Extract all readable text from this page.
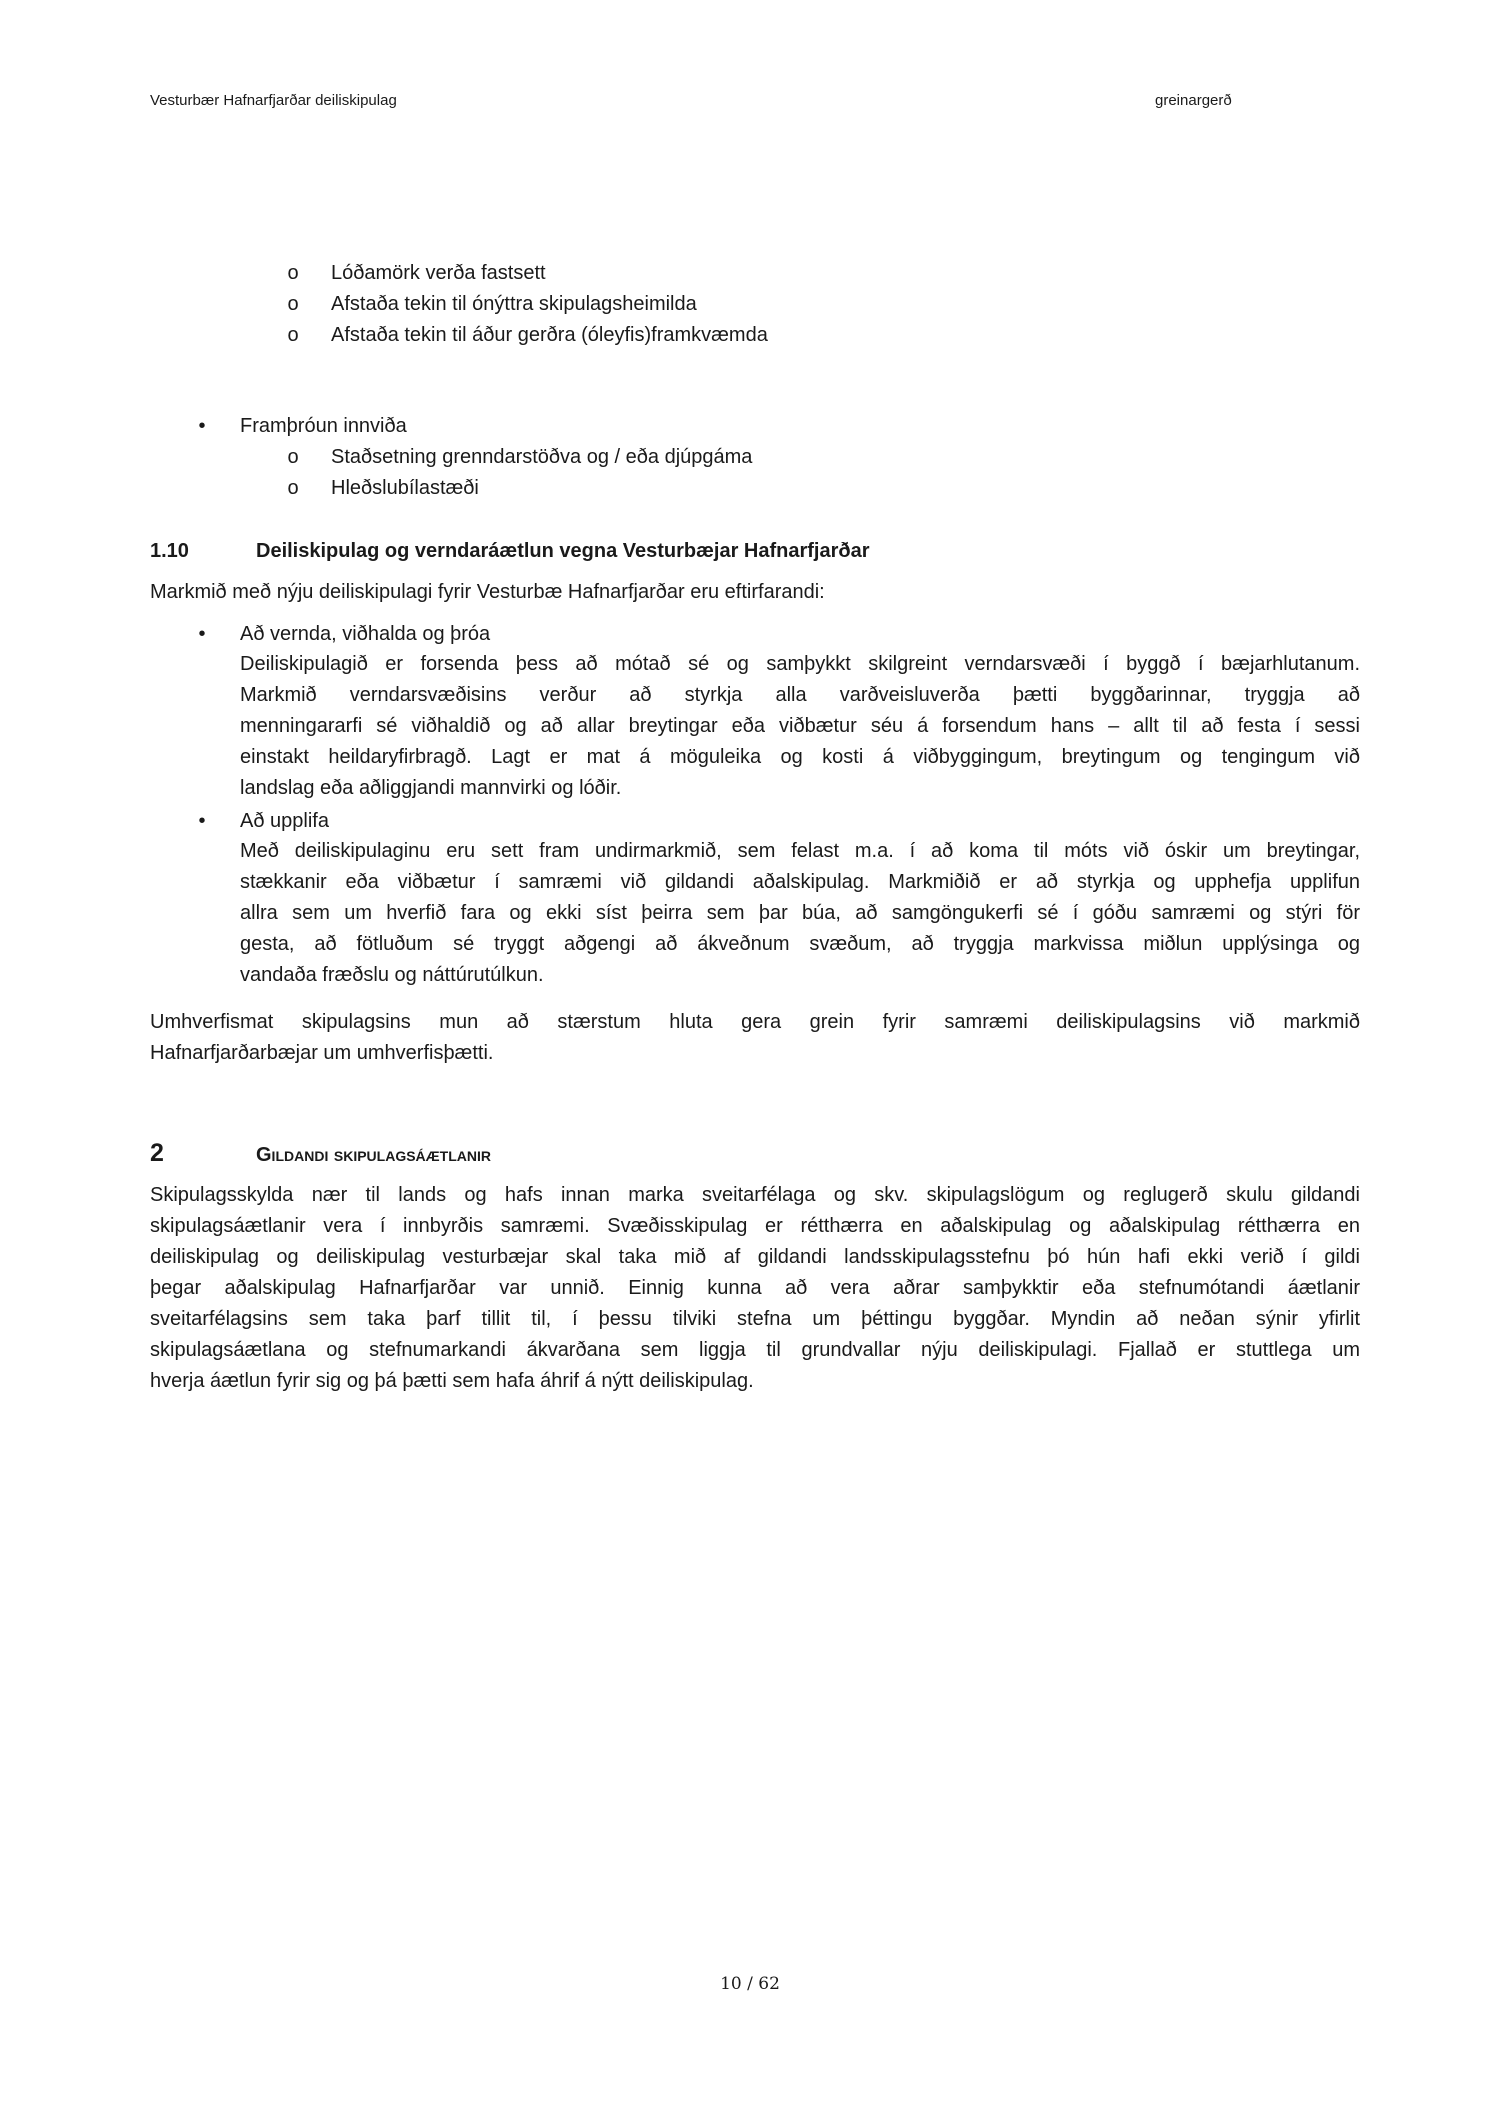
Vesturbær Hafnarfjarðar deiliskipulag	greinargerð
o Lóðamörk verða fastsett
o Afstaða tekin til ónýttra skipulagsheimilda
o Afstaða tekin til áður gerðra (óleyfis)framkvæmda
•	Framþróun innviða
o Staðsetning grenndarstöðva og / eða djúpgáma
o Hleðslubílastæði
1.10	Deiliskipulag og verndaráætlun vegna Vesturbæjar Hafnarfjarðar
Markmið með nýju deiliskipulagi fyrir Vesturbæ Hafnarfjarðar eru eftirfarandi:
•	Að vernda, viðhalda og þróa
Deiliskipulagið er forsenda þess að mótað sé og samþykkt skilgreint verndarsvæði í byggð í bæjarhlutanum.
Markmið verndarsvæðisins verður að styrkja alla varðveisluverða þætti byggðarinnar, tryggja að
menningararfi sé viðhaldið og að allar breytingar eða viðbætur séu á forsendum hans – allt til að festa í sessi
einstakt heildaryfirbragð. Lagt er mat á möguleika og kosti á viðbyggingum, breytingum og tengingum við
landslag eða aðliggjandi mannvirki og lóðir.
•	Að upplifa
Með deiliskipulaginu eru sett fram undirmarkmið, sem felast m.a. í að koma til móts við óskir um breytingar,
stækkanir eða viðbætur í samræmi við gildandi aðalskipulag. Markmiðið er að styrkja og upphefja upplifun
allra sem um hverfið fara og ekki síst þeirra sem þar búa, að samgöngukerfi sé í góðu samræmi og stýri för
gesta, að fötluðum sé tryggt aðgengi að ákveðnum svæðum, að tryggja markvissa miðlun upplýsinga og
vandaða fræðslu og náttúrutúlkun.
Umhverfismat skipulagsins mun að stærstum hluta gera grein fyrir samræmi deiliskipulagsins við markmið
Hafnarfjarðarbæjar um umhverfisþætti.
2	Gildandi skipulagsáætlanir
Skipulagsskylda nær til lands og hafs innan marka sveitarfélaga og skv. skipulagslögum og reglugerð skulu gildandi
skipulagsáætlanir vera í innbyrðis samræmi. Svæðisskipulag er rétthærra en aðalskipulag og aðalskipulag rétthærra en
deiliskipulag og deiliskipulag vesturbæjar skal taka mið af gildandi landsskipulagsstefnu þó hún hafi ekki verið í gildi
þegar aðalskipulag Hafnarfjarðar var unnið. Einnig kunna að vera aðrar samþykktir eða stefnumótandi áætlanir
sveitarfélagsins sem taka þarf tillit til, í þessu tilviki stefna um þéttingu byggðar. Myndin að neðan sýnir yfirlit
skipulagsáætlana og stefnumarkandi ákvarðana sem liggja til grundvallar nýju deiliskipulagi. Fjallað er stuttlega um
hverja áætlun fyrir sig og þá þætti sem hafa áhrif á nýtt deiliskipulag.
10 / 62
